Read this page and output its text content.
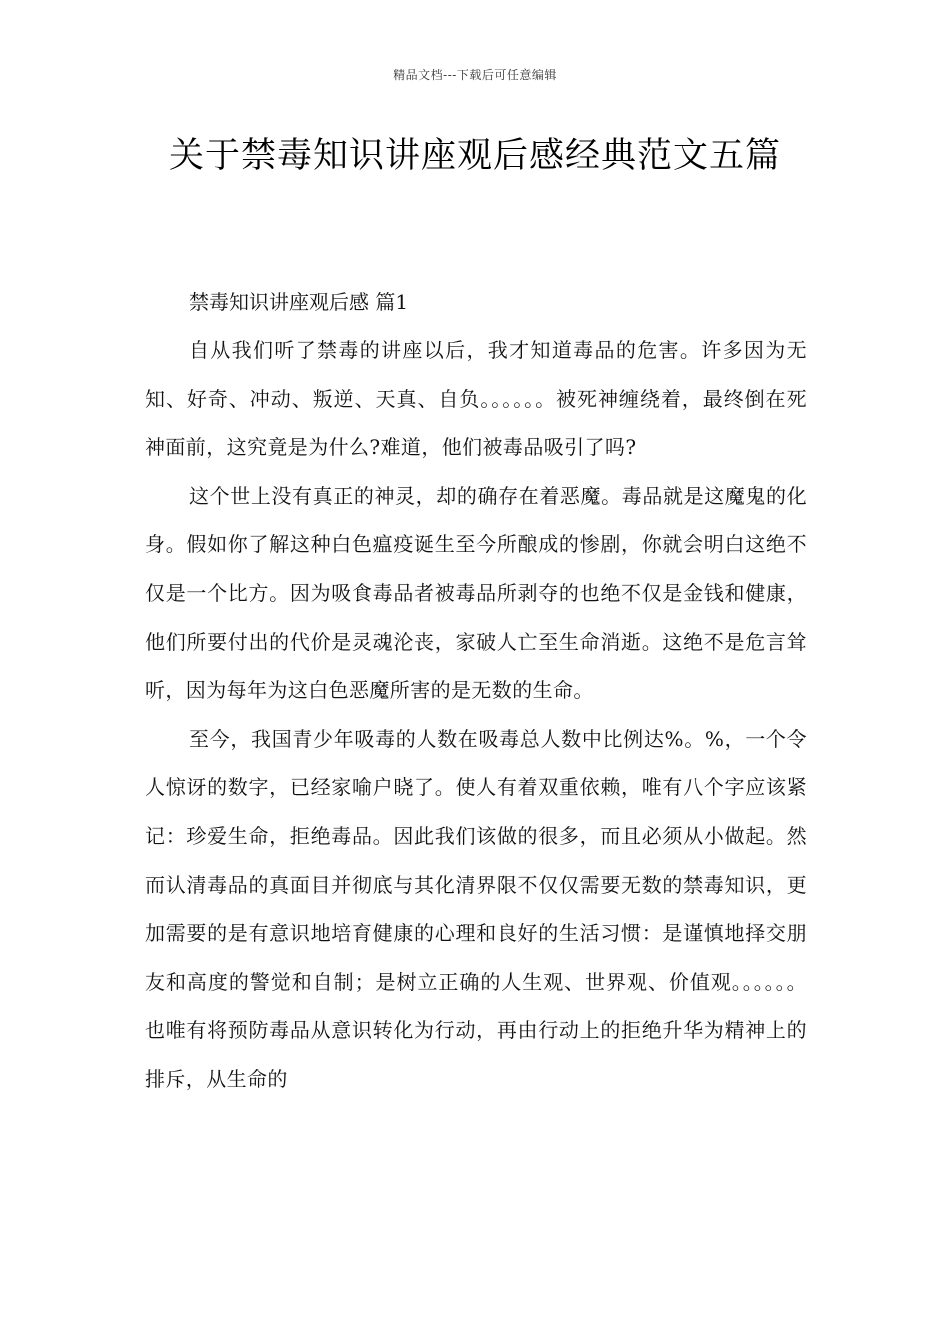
精品文档---下载后可任意编辑
关于禁毒知识讲座观后感经典范文五篇
禁毒知识讲座观后感 篇1

自从我们听了禁毒的讲座以后，我才知道毒品的危害。许多因为无知、好奇、冲动、叛逆、天真、自负。。。。。。被死神缠绕着，最终倒在死神面前，这究竟是为什么?难道，他们被毒品吸引了吗?

这个世上没有真正的神灵，却的确存在着恶魔。毒品就是这魔鬼的化身。假如你了解这种白色瘟疫诞生至今所酿成的惨剧，你就会明白这绝不仅是一个比方。因为吸食毒品者被毒品所剥夺的也绝不仅是金钱和健康，他们所要付出的代价是灵魂沦丧，家破人亡至生命消逝。这绝不是危言耸听，因为每年为这白色恶魔所害的是无数的生命。

至今，我国青少年吸毒的人数在吸毒总人数中比例达%。%，一个令人惊讶的数字，已经家喻户晓了。使人有着双重依赖，唯有八个字应该紧记：珍爱生命，拒绝毒品。因此我们该做的很多，而且必须从小做起。然而认清毒品的真面目并彻底与其化清界限不仅仅需要无数的禁毒知识，更加需要的是有意识地培育健康的心理和良好的生活习惯：是谨慎地择交朋友和高度的警觉和自制；是树立正确的人生观、世界观、价值观。。。。。。也唯有将预防毒品从意识转化为行动，再由行动上的拒绝升华为精神上的排斥，从生命的
